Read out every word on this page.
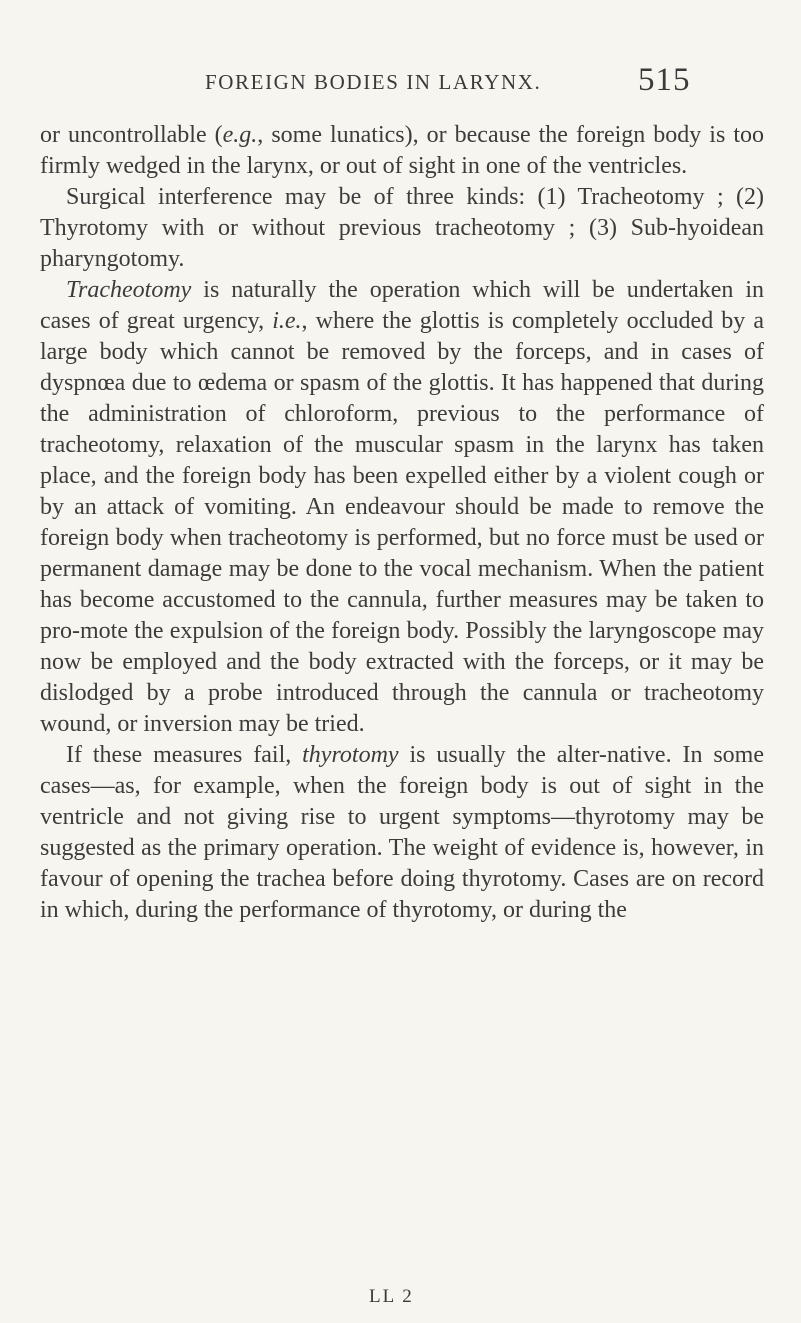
FOREIGN BODIES IN LARYNX.	515

or uncontrollable (e.g., some lunatics), or because the foreign body is too firmly wedged in the larynx, or out of sight in one of the ventricles.

Surgical interference may be of three kinds: (1) Tracheotomy ; (2) Thyrotomy with or without previous tracheotomy ; (3) Sub-hyoidean pharyngotomy.

Tracheotomy is naturally the operation which will be undertaken in cases of great urgency, i.e., where the glottis is completely occluded by a large body which cannot be removed by the forceps, and in cases of dyspnœa due to œdema or spasm of the glottis. It has happened that during the administration of chloroform, previous to the performance of tracheotomy, relaxation of the muscular spasm in the larynx has taken place, and the foreign body has been expelled either by a violent cough or by an attack of vomiting. An endeavour should be made to remove the foreign body when tracheotomy is performed, but no force must be used or permanent damage may be done to the vocal mechanism. When the patient has become accustomed to the cannula, further measures may be taken to pro-mote the expulsion of the foreign body. Possibly the laryngoscope may now be employed and the body extracted with the forceps, or it may be dislodged by a probe introduced through the cannula or tracheotomy wound, or inversion may be tried.

If these measures fail, thyrotomy is usually the alter-native. In some cases—as, for example, when the foreign body is out of sight in the ventricle and not giving rise to urgent symptoms—thyrotomy may be suggested as the primary operation. The weight of evidence is, however, in favour of opening the trachea before doing thyrotomy. Cases are on record in which, during the performance of thyrotomy, or during the

LL 2
